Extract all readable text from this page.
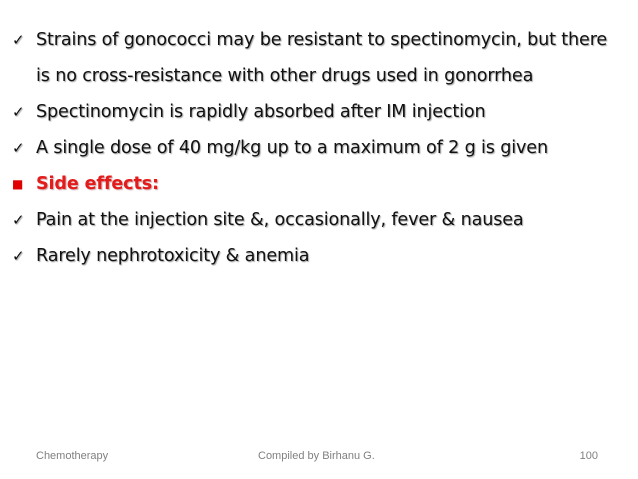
✓ Strains of gonococci may be resistant to spectinomycin, but there is no cross-resistance with other drugs used in gonorrhea
✓ Spectinomycin is rapidly absorbed after IM injection
✓ A single dose of 40 mg/kg up to a maximum of 2 g is given
■ Side effects:
✓ Pain at the injection site &, occasionally, fever & nausea
✓ Rarely nephrotoxicity & anemia
Chemotherapy	Compiled by Birhanu G.	100
